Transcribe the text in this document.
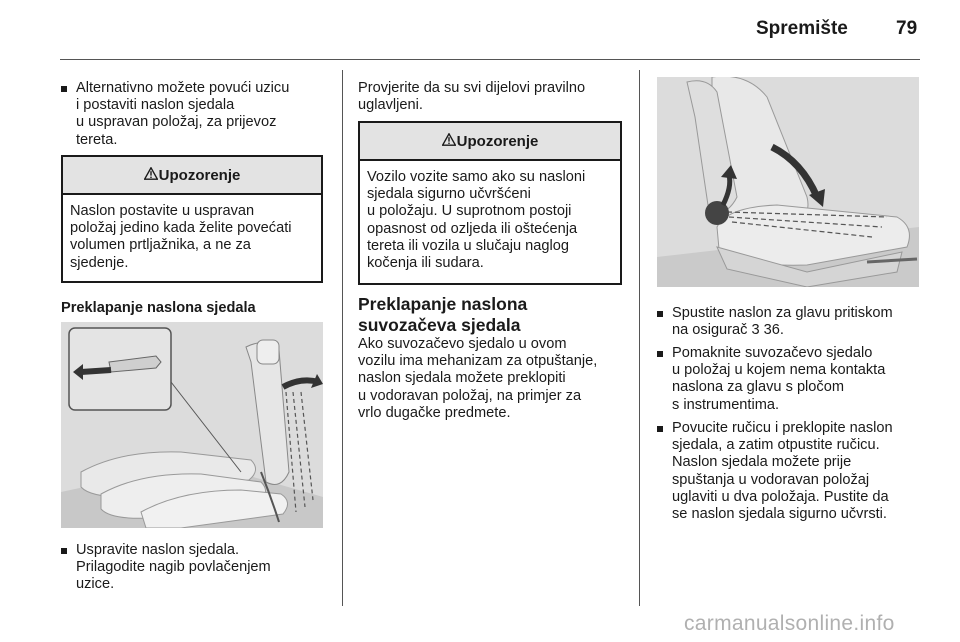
Spremište	79
Alternativno možete povući uzicu
i postaviti naslon sjedala
u uspravan položaj, za prijevoz
tereta.
Upozorenje
Naslon postavite u uspravan
položaj jedino kada želite povećati
volumen prtljažnika, a ne za
sjedenje.
Preklapanje naslona sjedala
Uspravite naslon sjedala.
Prilagodite nagib povlačenjem
uzice.
Provjerite da su svi dijelovi pravilno
uglavljeni.
Upozorenje
Vozilo vozite samo ako su nasloni
sjedala sigurno učvršćeni
u položaju. U suprotnom postoji
opasnost od ozljeda ili oštećenja
tereta ili vozila u slučaju naglog
kočenja ili sudara.
Preklapanje naslona
suvozačeva sjedala
Ako suvozačevo sjedalo u ovom
vozilu ima mehanizam za otpuštanje,
naslon sjedala možete preklopiti
u vodoravan položaj, na primjer za
vrlo dugačke predmete.
Spustite naslon za glavu pritiskom
na osigurač 3 36.
Pomaknite suvozačevo sjedalo
u položaj u kojem nema kontakta
naslona za glavu s pločom
s instrumentima.
Povucite ručicu i preklopite naslon
sjedala, a zatim otpustite ručicu.
Naslon sjedala možete prije
spuštanja u vodoravan položaj
uglaviti u dva položaja. Pustite da
se naslon sjedala sigurno učvrsti.
carmanualsonline.info
